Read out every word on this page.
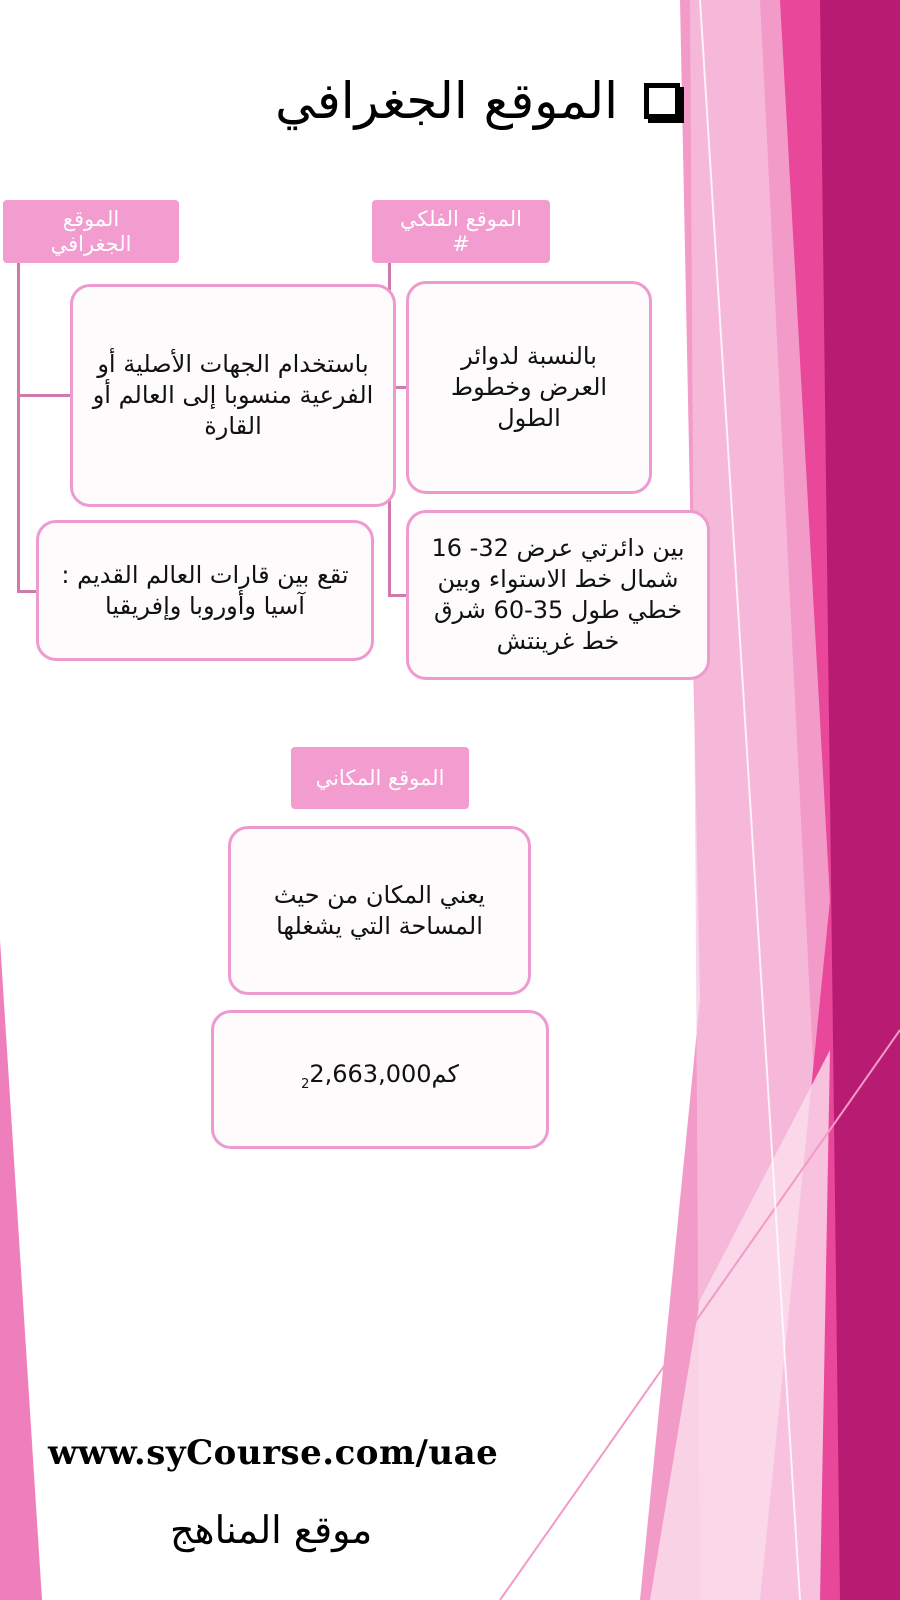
الموقع الجغرافي
الموقع
الجغرافي
باستخدام الجهات الأصلية أو الفرعية منسوبا إلى العالم أو القارة
تقع بين قارات العالم القديم : آسيا وأوروبا وإفريقيا
الموقع الفلكي
#
بالنسبة لدوائر العرض وخطوط الطول
بين دائرتي عرض 32- 16 شمال خط الاستواء وبين خطي طول 35-60 شرق خط غرينتش
الموقع المكاني
يعني المكان من حيث المساحة التي يشغلها
كم$_2$2,663,000
www.syCourse.com/uae
موقع المناهج
